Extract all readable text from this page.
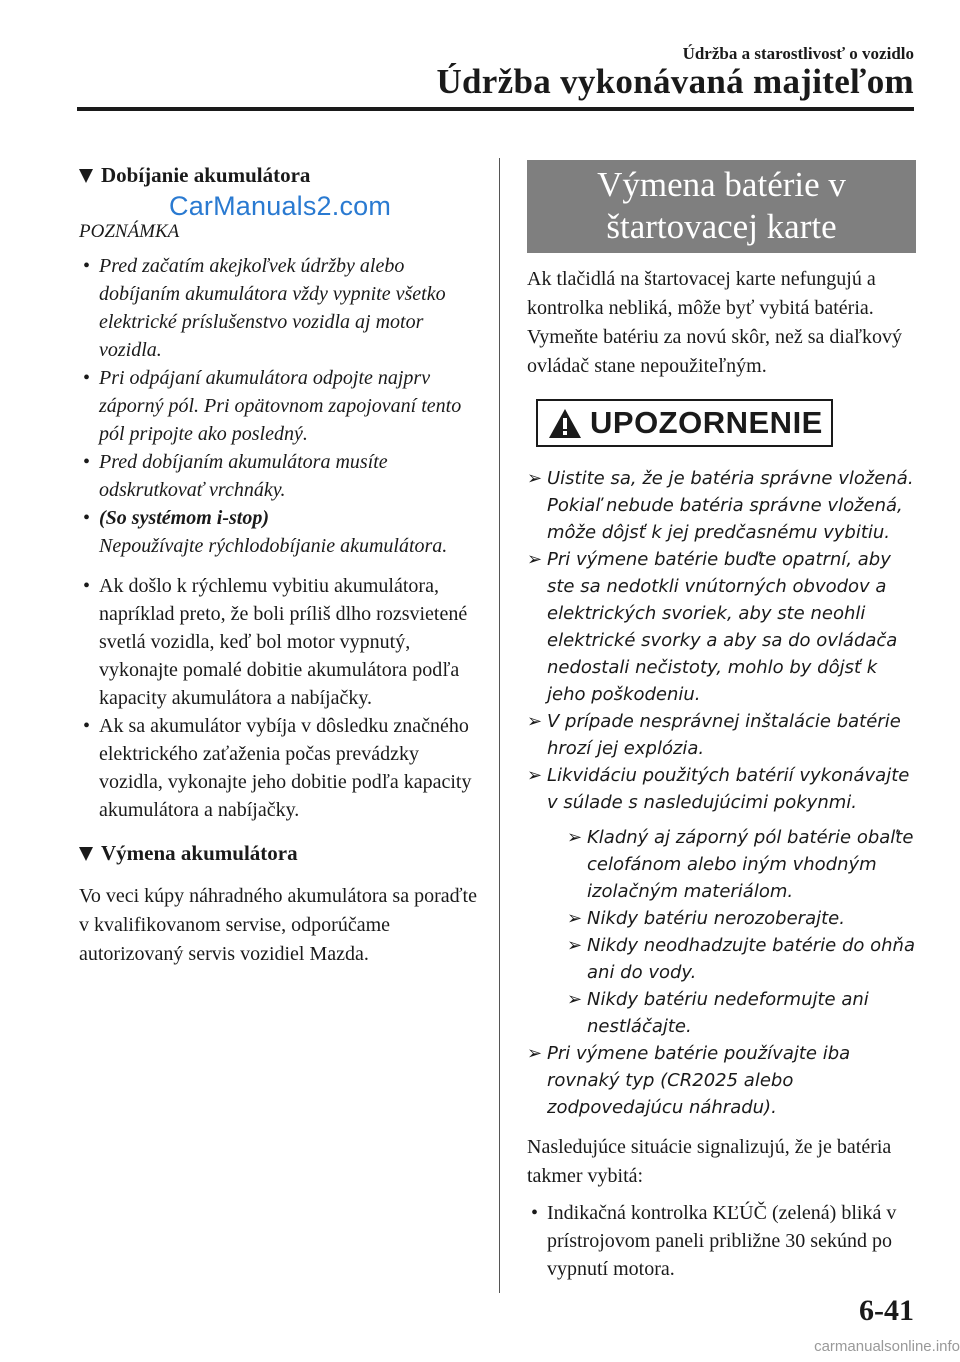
Údržba a starostlivosť o vozidlo
Údržba vykonávaná majiteľom
Dobíjanie akumulátora
CarManuals2.com
POZNÁMKA
• Pred začatím akejkoľvek údržby alebo dobíjaním akumulátora vždy vypnite všetko elektrické príslušenstvo vozidla aj motor vozidla.
• Pri odpájaní akumulátora odpojte najprv záporný pól. Pri opätovnom zapojovaní tento pól pripojte ako posledný.
• Pred dobíjaním akumulátora musíte odskrutkovať vrchnáky.
• (So systémom i-stop)
Nepoužívajte rýchlodobíjanie akumulátora.
• Ak došlo k rýchlemu vybitiu akumulátora, napríklad preto, že boli príliš dlho rozsvietené svetlá vozidla, keď bol motor vypnutý, vykonajte pomalé dobitie akumulátora podľa kapacity akumulátora a nabíjačky.
• Ak sa akumulátor vybíja v dôsledku značného elektrického zaťaženia počas prevádzky vozidla, vykonajte jeho dobitie podľa kapacity akumulátora a nabíjačky.
Výmena akumulátora

Vo veci kúpy náhradného akumulátora sa poraďte v kvalifikovanom servise, odporúčame autorizovaný servis vozidiel Mazda.

Výmena batérie v
štartovacej karte

Ak tlačidlá na štartovacej karte nefungujú a kontrolka nebliká, môže byť vybitá batéria.

Vymeňte batériu za novú skôr, než sa diaľkový ovládač stane nepoužiteľným.

UPOZORNENIE
➢ Uistite sa, že je batéria správne vložená. Pokiaľ nebude batéria správne vložená, môže dôjsť k jej predčasnému vybitiu.
➢ Pri výmene batérie buďte opatrní, aby ste sa nedotkli vnútorných obvodov a elektrických svoriek, aby ste neohli elektrické svorky a aby sa do ovládača nedostali nečistoty, mohlo by dôjsť k jeho poškodeniu.
➢ V prípade nesprávnej inštalácie batérie hrozí jej explózia.
➢ Likvidáciu použitých batérií vykonávajte v súlade s nasledujúcimi pokynmi.
➢ Kladný aj záporný pól batérie obaľte celofánom alebo iným vhodným izolačným materiálom.
➢ Nikdy batériu nerozoberajte.
➢ Nikdy neodhadzujte batérie do ohňa ani do vody.
➢ Nikdy batériu nedeformujte ani nestláčajte.
➢ Pri výmene batérie používajte iba rovnaký typ (CR2025 alebo zodpovedajúcu náhradu).

Nasledujúce situácie signalizujú, že je batéria takmer vybitá:

• Indikačná kontrolka KĽÚČ (zelená) bliká v prístrojovom paneli približne 30 sekúnd po vypnutí motora.
6-41
carmanualsonline.info
